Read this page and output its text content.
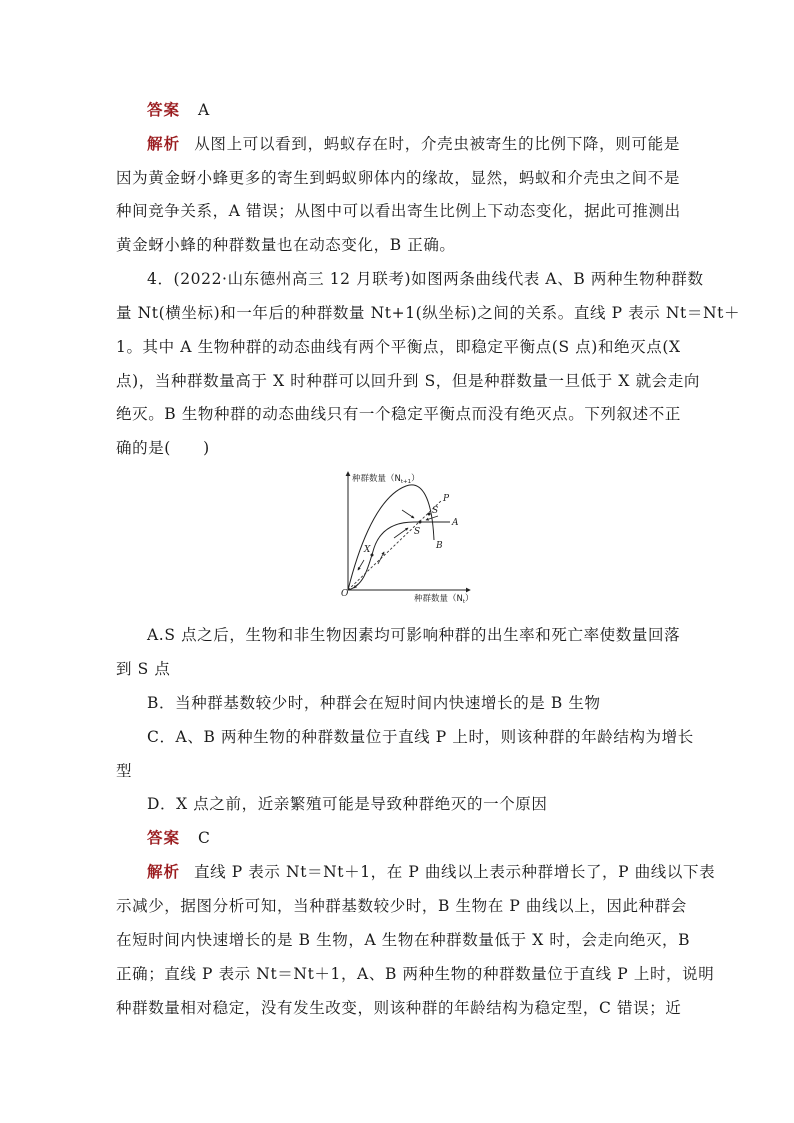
答案 A
解析 从图上可以看到，蚂蚁存在时，介壳虫被寄生的比例下降，则可能是
因为黄金蚜小蜂更多的寄生到蚂蚁卵体内的缘故，显然，蚂蚁和介壳虫之间不是
种间竞争关系，A 错误；从图中可以看出寄生比例上下动态变化，据此可推测出
黄金蚜小蜂的种群数量也在动态变化，B 正确。
4．(2022·山东德州高三 12 月联考)如图两条曲线代表 A、B 两种生物种群数
量 Nt(横坐标)和一年后的种群数量 Nt+1(纵坐标)之间的关系。直线 P 表示 Nt＝Nt＋
1。其中 A 生物种群的动态曲线有两个平衡点，即稳定平衡点(S 点)和绝灭点(X
点)，当种群数量高于 X 时种群可以回升到 S，但是种群数量一旦低于 X 就会走向
绝灭。B 生物种群的动态曲线只有一个稳定平衡点而没有绝灭点。下列叙述不正
确的是(　　)
种群数量$(N_{t+1})$
种群数量$(N_t)$
O
P
B
A
S
S
X
A.S 点之后，生物和非生物因素均可影响种群的出生率和死亡率使数量回落
到 S 点
B．当种群基数较少时，种群会在短时间内快速增长的是 B 生物
C．A、B 两种生物的种群数量位于直线 P 上时，则该种群的年龄结构为增长
型
D．X 点之前，近亲繁殖可能是导致种群绝灭的一个原因
答案 C
解析 直线 P 表示 Nt＝Nt＋1，在 P 曲线以上表示种群增长了，P 曲线以下表
示减少，据图分析可知，当种群基数较少时，B 生物在 P 曲线以上，因此种群会
在短时间内快速增长的是 B 生物，A 生物在种群数量低于 X 时，会走向绝灭，B
正确；直线 P 表示 Nt＝Nt＋1，A、B 两种生物的种群数量位于直线 P 上时，说明
种群数量相对稳定，没有发生改变，则该种群的年龄结构为稳定型，C 错误；近
